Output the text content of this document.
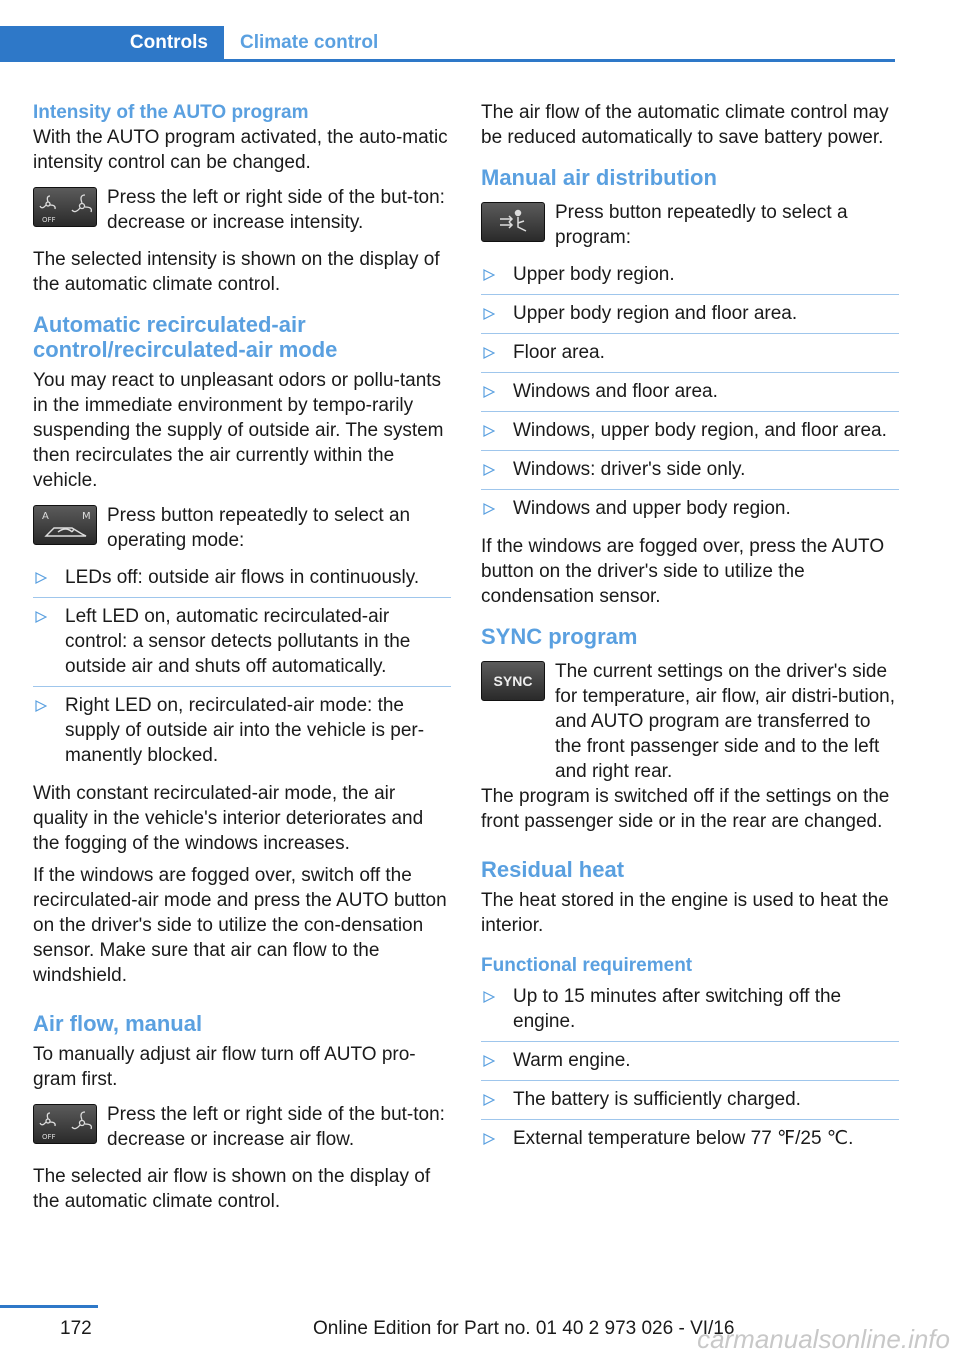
Controls	Climate control
Intensity of the AUTO program

With the AUTO program activated, the auto-matic intensity control can be changed.

OFF
Press the left or right side of the but-ton: decrease or increase intensity.

The selected intensity is shown on the display of the automatic climate control.

Automatic recirculated-air control/recirculated-air mode

You may react to unpleasant odors or pollu-tants in the immediate environment by tempo-rarily suspending the supply of outside air. The system then recirculates the air currently within the vehicle.

A	M Press button repeatedly to select an operating mode:
LEDs off: outside air flows in continuously.
Left LED on, automatic recirculated-air control: a sensor detects pollutants in the outside air and shuts off automatically.
Right LED on, recirculated-air mode: the supply of outside air into the vehicle is per-manently blocked.

With constant recirculated-air mode, the air quality in the vehicle's interior deteriorates and the fogging of the windows increases.

If the windows are fogged over, switch off the recirculated-air mode and press the AUTO button on the driver's side to utilize the con-densation sensor. Make sure that air can flow to the windshield.

Air flow, manual

To manually adjust air flow turn off AUTO pro-gram first.

OFF
Press the left or right side of the but-ton: decrease or increase air flow.

The selected air flow is shown on the display of the automatic climate control.

The air flow of the automatic climate control may be reduced automatically to save battery power.

Manual air distribution
Press button repeatedly to select a program:
Upper body region.
Upper body region and floor area.
Floor area.
Windows and floor area.
Windows, upper body region, and floor area.
Windows: driver's side only.
Windows and upper body region.

If the windows are fogged over, press the AUTO button on the driver's side to utilize the condensation sensor.

SYNC program
SYNC	The current settings on the driver's side for temperature, air flow, air distri-bution, and AUTO program are transferred to the front passenger side and to the left and right rear.

The program is switched off if the settings on the front passenger side or in the rear are changed.

Residual heat

The heat stored in the engine is used to heat the interior.

Functional requirement
Up to 15 minutes after switching off the engine.
Warm engine.
The battery is sufficiently charged.
External temperature below 77 ℉/25 ℃.
172	Online Edition for Part no. 01 40 2 973 026 - VI/16
carmanualsonline.info
